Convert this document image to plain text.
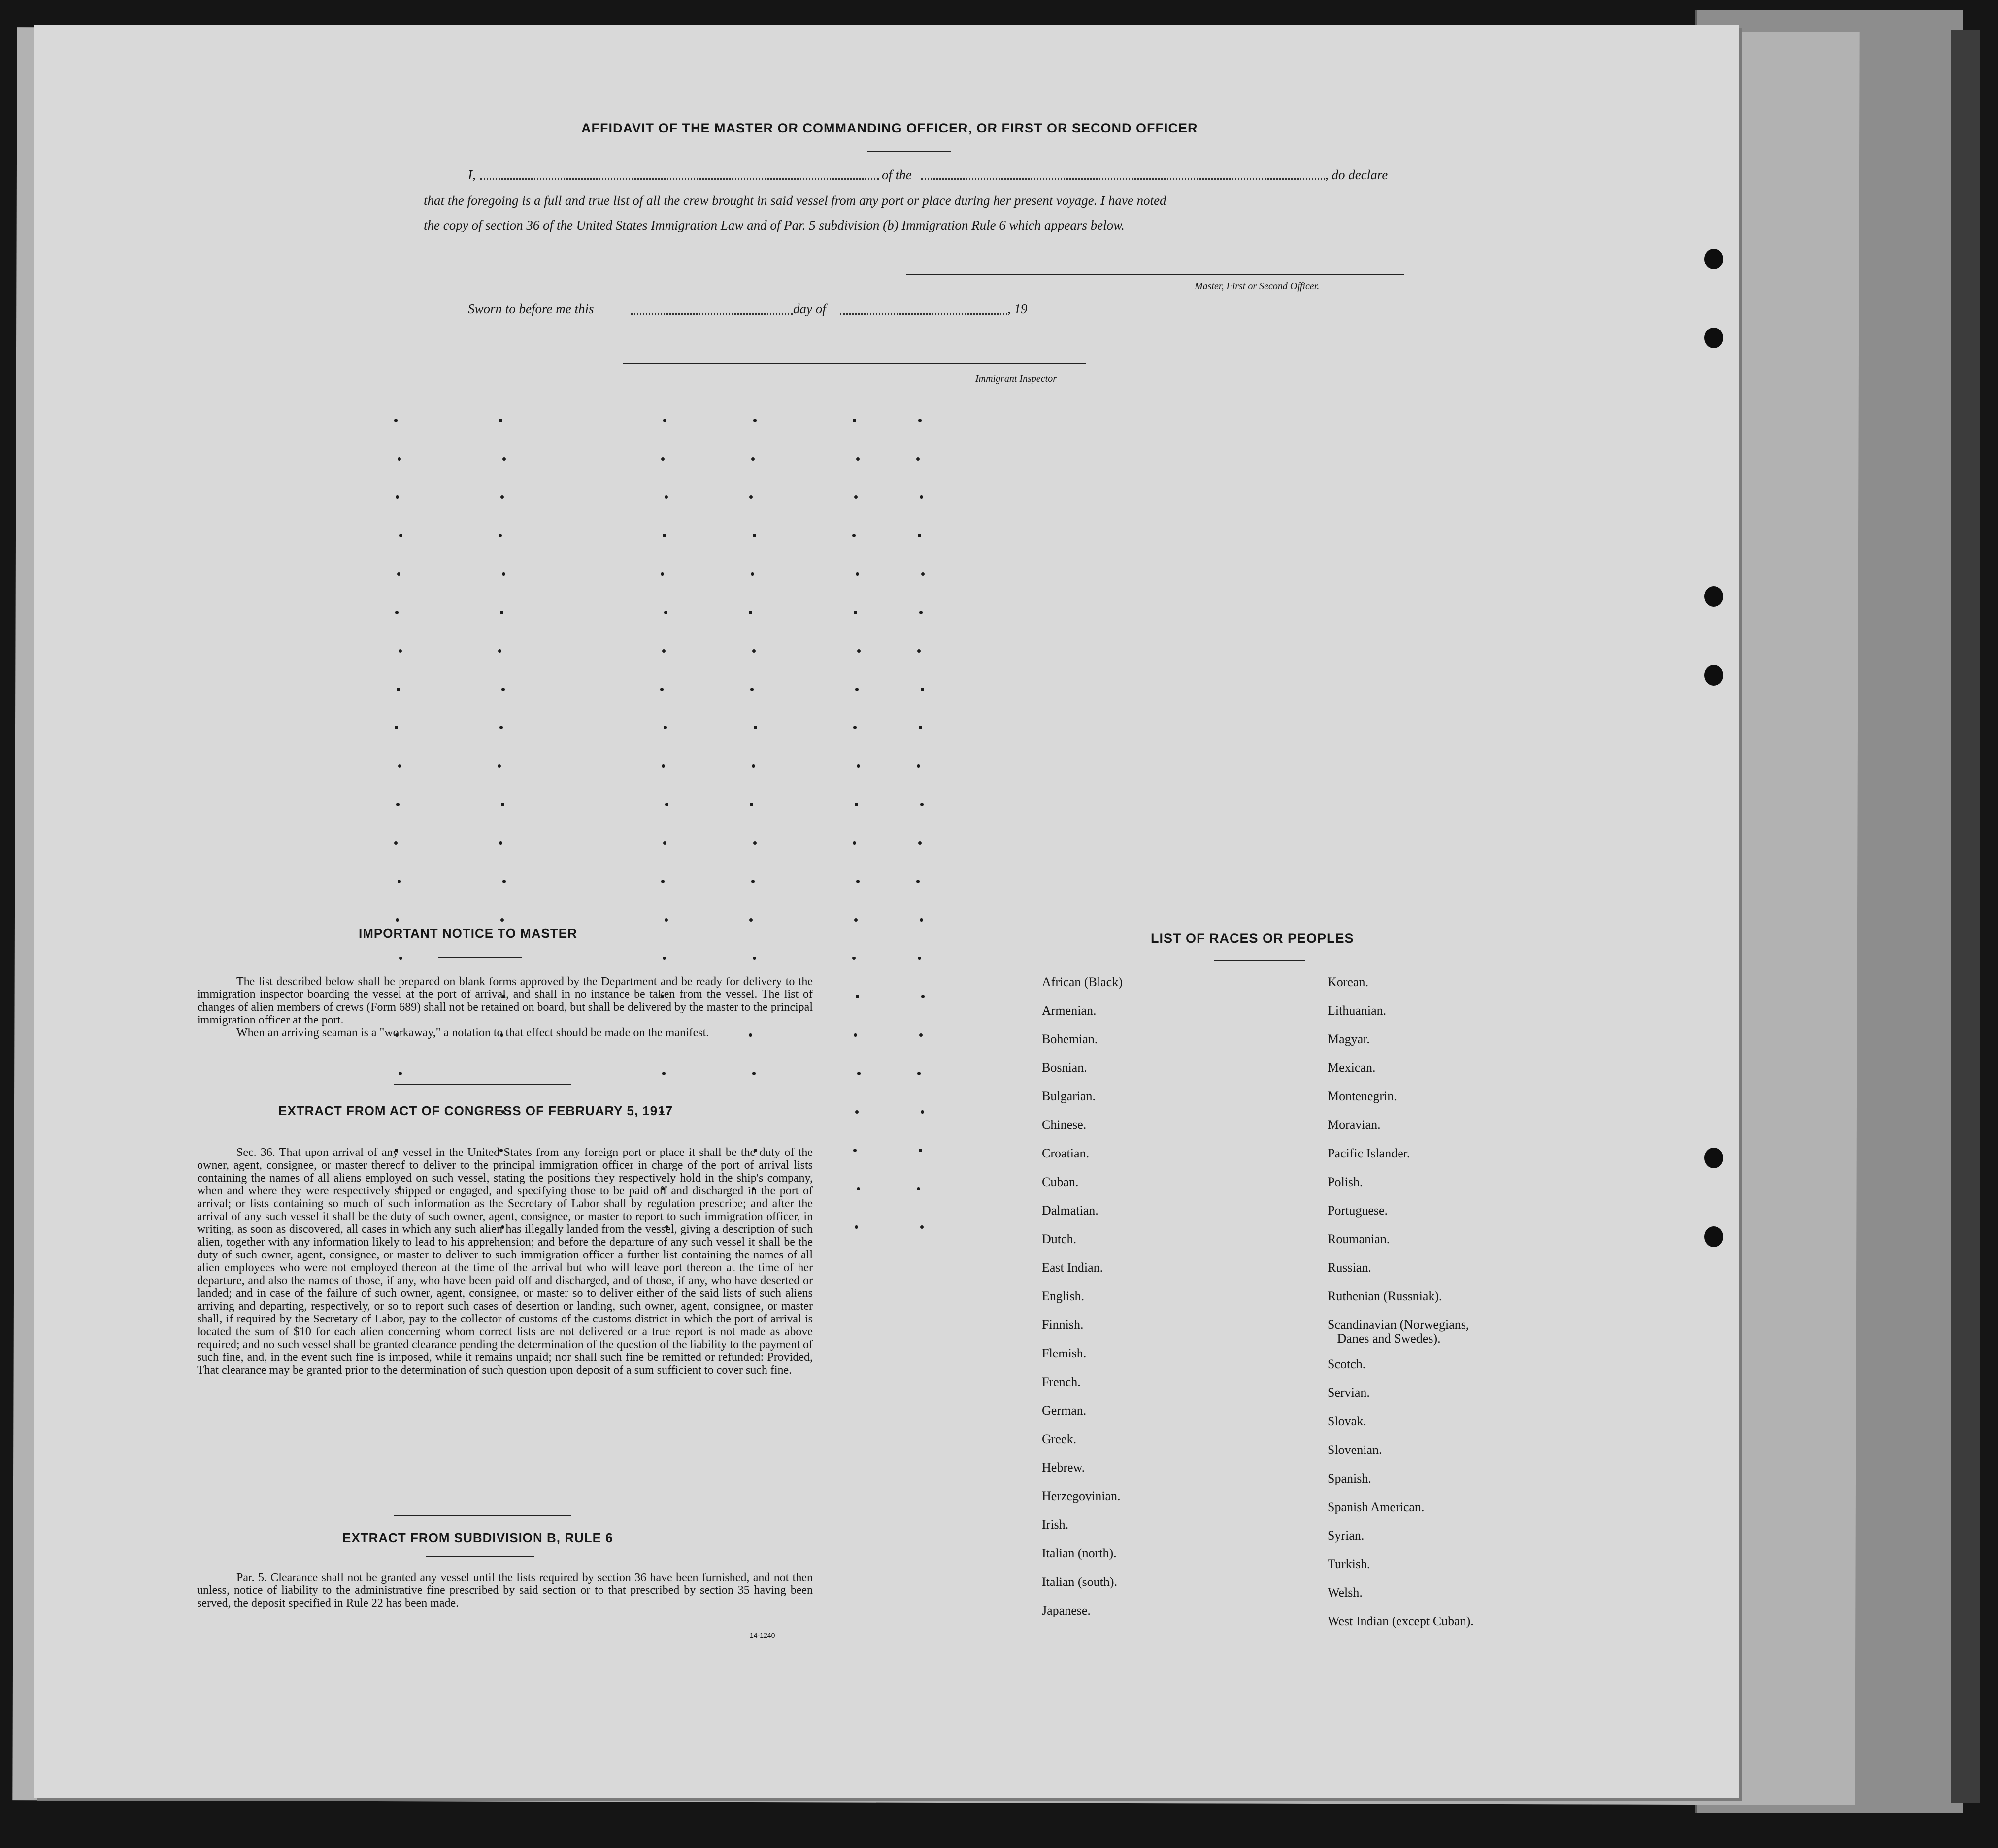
AFFIDAVIT OF THE MASTER OR COMMANDING OFFICER, OR FIRST OR SECOND OFFICER
I,	of the	, do declare
that the foregoing is a full and true list of all the crew brought in said vessel from any port or place during her present voyage. I have noted
the copy of section 36 of the United States Immigration Law and of Par. 5 subdivision (b) Immigration Rule 6 which appears below.
Master, First or Second Officer.
Sworn to before me this	day of	, 19
Immigrant Inspector
IMPORTANT NOTICE TO MASTER

The list described below shall be prepared on blank forms approved by the Department and be ready for delivery to the immigration inspector boarding the vessel at the port of arrival, and shall in no instance be taken from the vessel. The list of changes of alien members of crews (Form 689) shall not be retained on board, but shall be delivered by the master to the principal immigration officer at the port.

When an arriving seaman is a "workaway," a notation to that effect should be made on the manifest.

EXTRACT FROM ACT OF CONGRESS OF FEBRUARY 5, 1917

Sec. 36. That upon arrival of any vessel in the United States from any foreign port or place it shall be the duty of the owner, agent, consignee, or master thereof to deliver to the principal immigration officer in charge of the port of arrival lists containing the names of all aliens employed on such vessel, stating the positions they respectively hold in the ship's company, when and where they were respectively shipped or engaged, and specifying those to be paid off and discharged in the port of arrival; or lists containing so much of such information as the Secretary of Labor shall by regulation prescribe; and after the arrival of any such vessel it shall be the duty of such owner, agent, consignee, or master to report to such immigration officer, in writing, as soon as discovered, all cases in which any such alien has illegally landed from the vessel, giving a description of such alien, together with any information likely to lead to his apprehension; and before the departure of any such vessel it shall be the duty of such owner, agent, consignee, or master to deliver to such immigration officer a further list containing the names of all alien employees who were not employed thereon at the time of the arrival but who will leave port thereon at the time of her departure, and also the names of those, if any, who have been paid off and discharged, and of those, if any, who have deserted or landed; and in case of the failure of such owner, agent, consignee, or master so to deliver either of the said lists of such aliens arriving and departing, respectively, or so to report such cases of desertion or landing, such owner, agent, consignee, or master shall, if required by the Secretary of Labor, pay to the collector of customs of the customs district in which the port of arrival is located the sum of $10 for each alien concerning whom correct lists are not delivered or a true report is not made as above required; and no such vessel shall be granted clearance pending the determination of the question of the liability to the payment of such fine, and, in the event such fine is imposed, while it remains unpaid; nor shall such fine be remitted or refunded: Provided, That clearance may be granted prior to the determination of such question upon deposit of a sum sufficient to cover such fine.

EXTRACT FROM SUBDIVISION B, RULE 6

Par. 5. Clearance shall not be granted any vessel until the lists required by section 36 have been furnished, and not then unless, notice of liability to the administrative fine prescribed by said section or to that prescribed by section 35 having been served, the deposit specified in Rule 22 has been made.

14-1240
LIST OF RACES OR PEOPLES
African (Black)
Armenian.
Bohemian.
Bosnian.
Bulgarian.
Chinese.
Croatian.
Cuban.
Dalmatian.
Dutch.
East Indian.
English.
Finnish.
Flemish.
French.
German.
Greek.
Hebrew.
Herzegovinian.
Irish.
Italian (north).
Italian (south).
Japanese.
Korean.
Lithuanian.
Magyar.
Mexican.
Montenegrin.
Moravian.
Pacific Islander.
Polish.
Portuguese.
Roumanian.
Russian.
Ruthenian (Russniak).
Scandinavian (Norwegians,
Danes and Swedes).
Scotch.
Servian.
Slovak.
Slovenian.
Spanish.
Spanish American.
Syrian.
Turkish.
Welsh.
West Indian (except Cuban).
